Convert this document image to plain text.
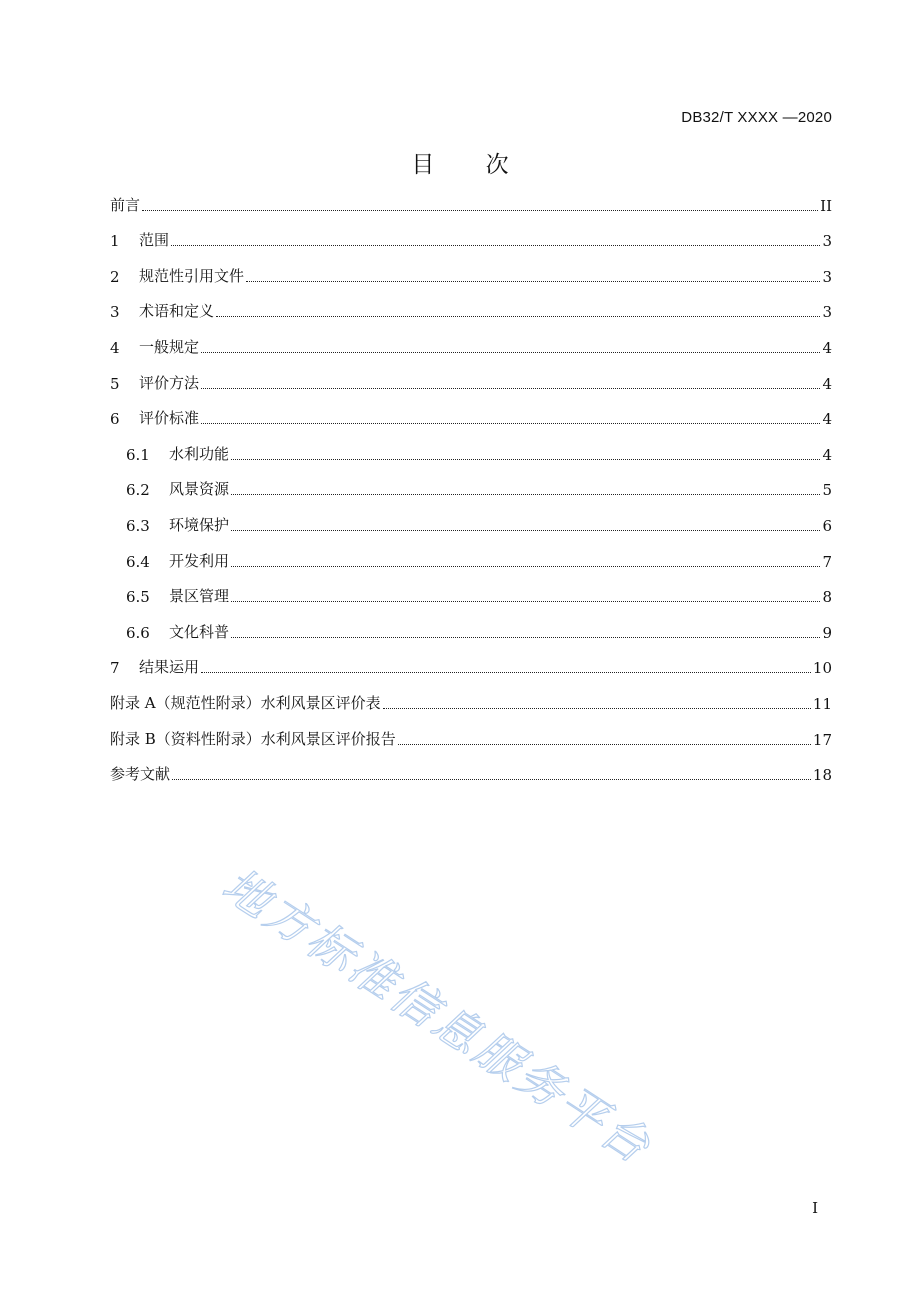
DB32/T XXXX —2020
目 次
前言	II
1	范围	3
2	规范性引用文件	3
3	术语和定义	3
4	一般规定	4
5	评价方法	4
6	评价标准	4
6.1	水利功能	4
6.2	风景资源	5
6.3	环境保护	6
6.4	开发利用	7
6.5	景区管理	8
6.6	文化科普	9
7	结果运用	10
附录 A（规范性附录）水利风景区评价表	11
附录 B（资料性附录）水利风景区评价报告	17
参考文献	18
地方标准信息服务平台
I
